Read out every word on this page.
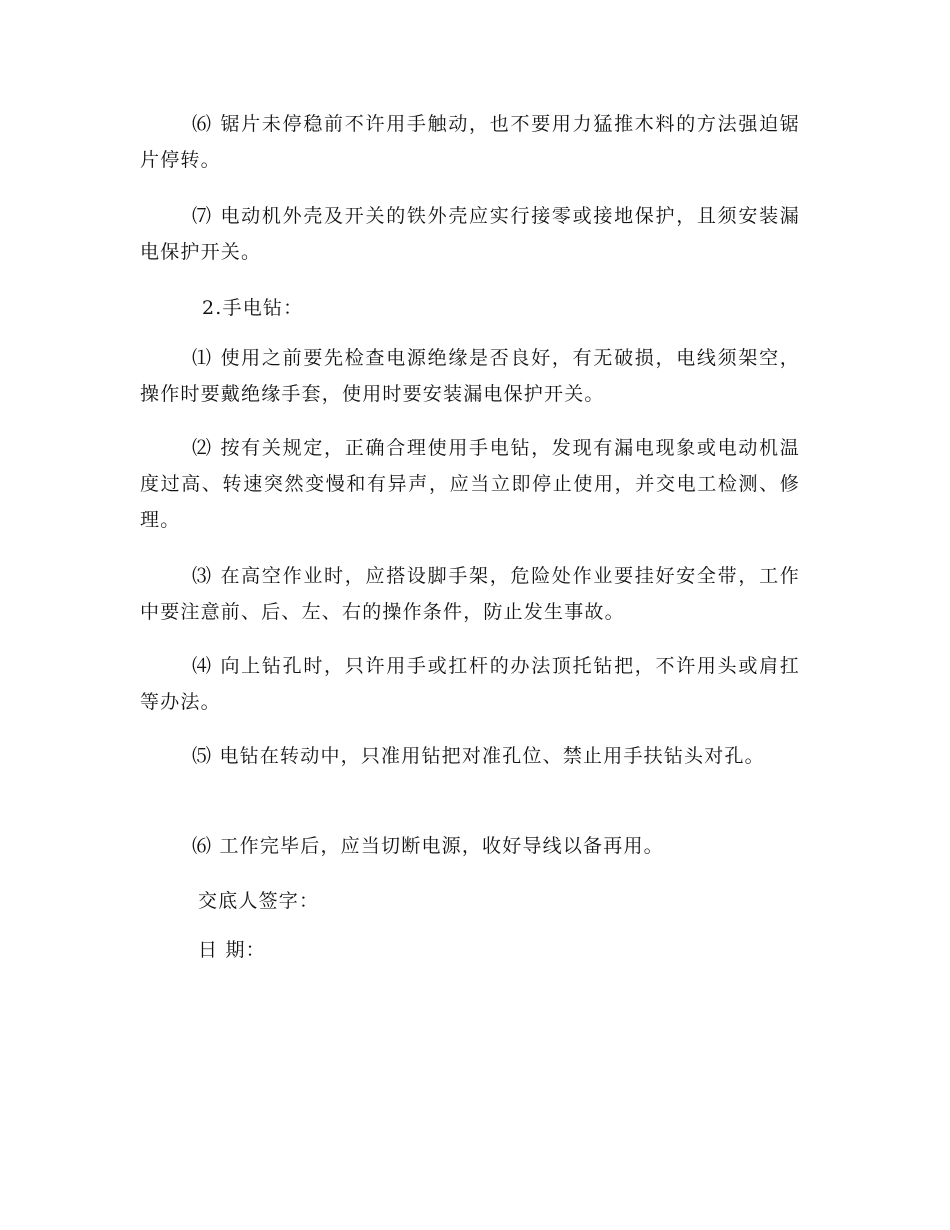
⑹ 锯片未停稳前不许用手触动，也不要用力猛推木料的方法强迫锯片停转。

⑺ 电动机外壳及开关的铁外壳应实行接零或接地保护，且须安装漏电保护开关。

2.手电钻：

⑴ 使用之前要先检查电源绝缘是否良好，有无破损，电线须架空，操作时要戴绝缘手套，使用时要安装漏电保护开关。

⑵ 按有关规定，正确合理使用手电钻，发现有漏电现象或电动机温度过高、转速突然变慢和有异声，应当立即停止使用，并交电工检测、修理。

⑶ 在高空作业时，应搭设脚手架，危险处作业要挂好安全带，工作中要注意前、后、左、右的操作条件，防止发生事故。

⑷ 向上钻孔时，只许用手或扛杆的办法顶托钻把，不许用头或肩扛等办法。

⑸ 电钻在转动中，只准用钻把对准孔位、禁止用手扶钻头对孔。

⑹ 工作完毕后，应当切断电源，收好导线以备再用。

交底人签字：

日 期：
